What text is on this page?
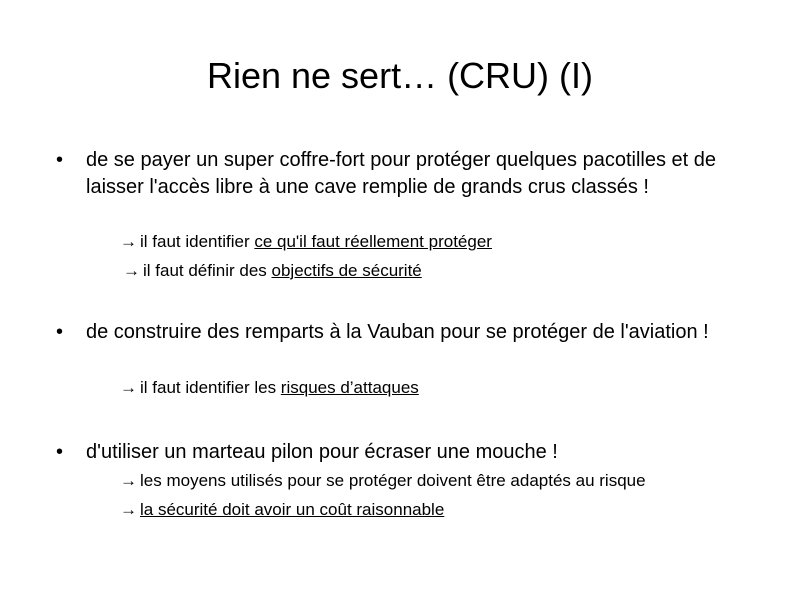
Rien ne sert… (CRU) (I)
•	de se payer un super coffre-fort pour protéger quelques pacotilles et de laisser l'accès libre à une cave remplie de grands crus classés !
→ il faut identifier ce qu'il faut réellement protéger
→ il faut définir des objectifs de sécurité
•	de construire des remparts à la Vauban pour se protéger de l'aviation !
→ il faut identifier les risques d’attaques
•	d'utiliser un marteau pilon pour écraser une mouche !
→ les moyens utilisés pour se protéger doivent être adaptés au risque
→ la sécurité doit avoir un coût raisonnable
